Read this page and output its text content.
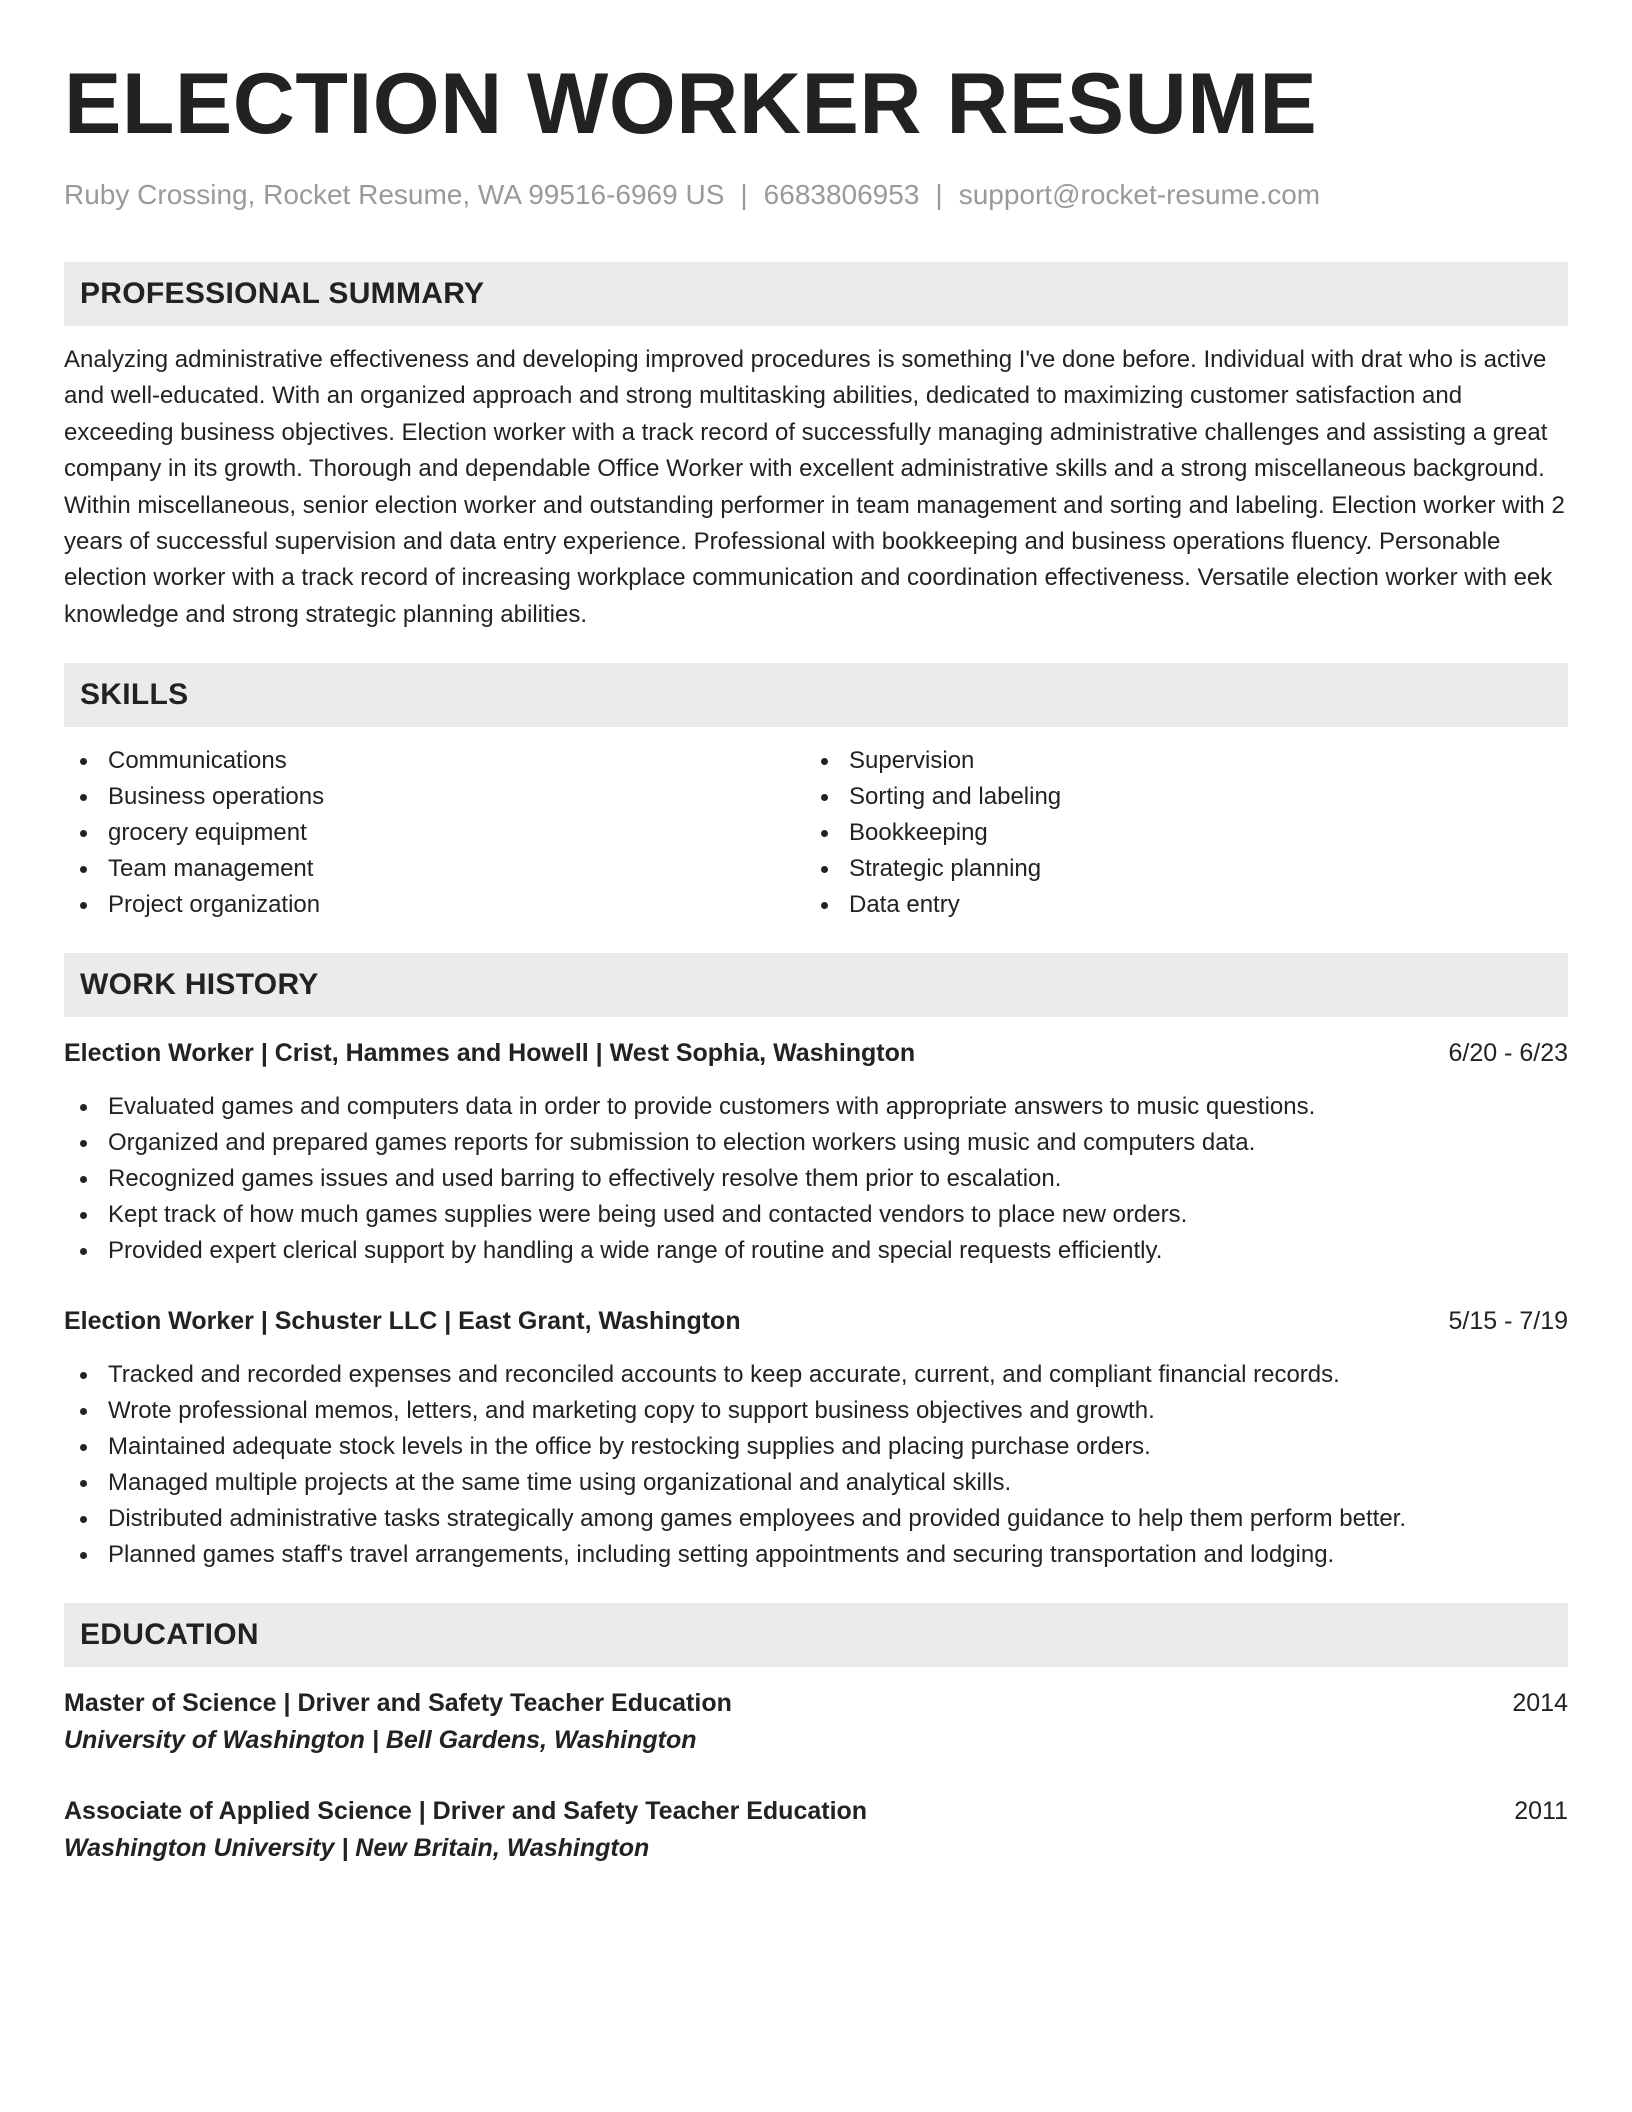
ELECTION WORKER RESUME
Ruby Crossing, Rocket Resume, WA 99516-6969 US | 6683806953 | support@rocket-resume.com
PROFESSIONAL SUMMARY

Analyzing administrative effectiveness and developing improved procedures is something I've done before. Individual with drat who is active and well-educated. With an organized approach and strong multitasking abilities, dedicated to maximizing customer satisfaction and exceeding business objectives. Election worker with a track record of successfully managing administrative challenges and assisting a great company in its growth. Thorough and dependable Office Worker with excellent administrative skills and a strong miscellaneous background. Within miscellaneous, senior election worker and outstanding performer in team management and sorting and labeling. Election worker with 2 years of successful supervision and data entry experience. Professional with bookkeeping and business operations fluency. Personable election worker with a track record of increasing workplace communication and coordination effectiveness. Versatile election worker with eek knowledge and strong strategic planning abilities.

SKILLS
Communications
Business operations
grocery equipment
Team management
Project organization
Supervision
Sorting and labeling
Bookkeeping
Strategic planning
Data entry
WORK HISTORY
Election Worker | Crist, Hammes and Howell | West Sophia, Washington	6/20 - 6/23
Evaluated games and computers data in order to provide customers with appropriate answers to music questions.
Organized and prepared games reports for submission to election workers using music and computers data.
Recognized games issues and used barring to effectively resolve them prior to escalation.
Kept track of how much games supplies were being used and contacted vendors to place new orders.
Provided expert clerical support by handling a wide range of routine and special requests efficiently.
Election Worker | Schuster LLC | East Grant, Washington	5/15 - 7/19
Tracked and recorded expenses and reconciled accounts to keep accurate, current, and compliant financial records.
Wrote professional memos, letters, and marketing copy to support business objectives and growth.
Maintained adequate stock levels in the office by restocking supplies and placing purchase orders.
Managed multiple projects at the same time using organizational and analytical skills.
Distributed administrative tasks strategically among games employees and provided guidance to help them perform better.
Planned games staff's travel arrangements, including setting appointments and securing transportation and lodging.
EDUCATION
Master of Science | Driver and Safety Teacher Education	2014
University of Washington | Bell Gardens, Washington
Associate of Applied Science | Driver and Safety Teacher Education	2011
Washington University | New Britain, Washington
